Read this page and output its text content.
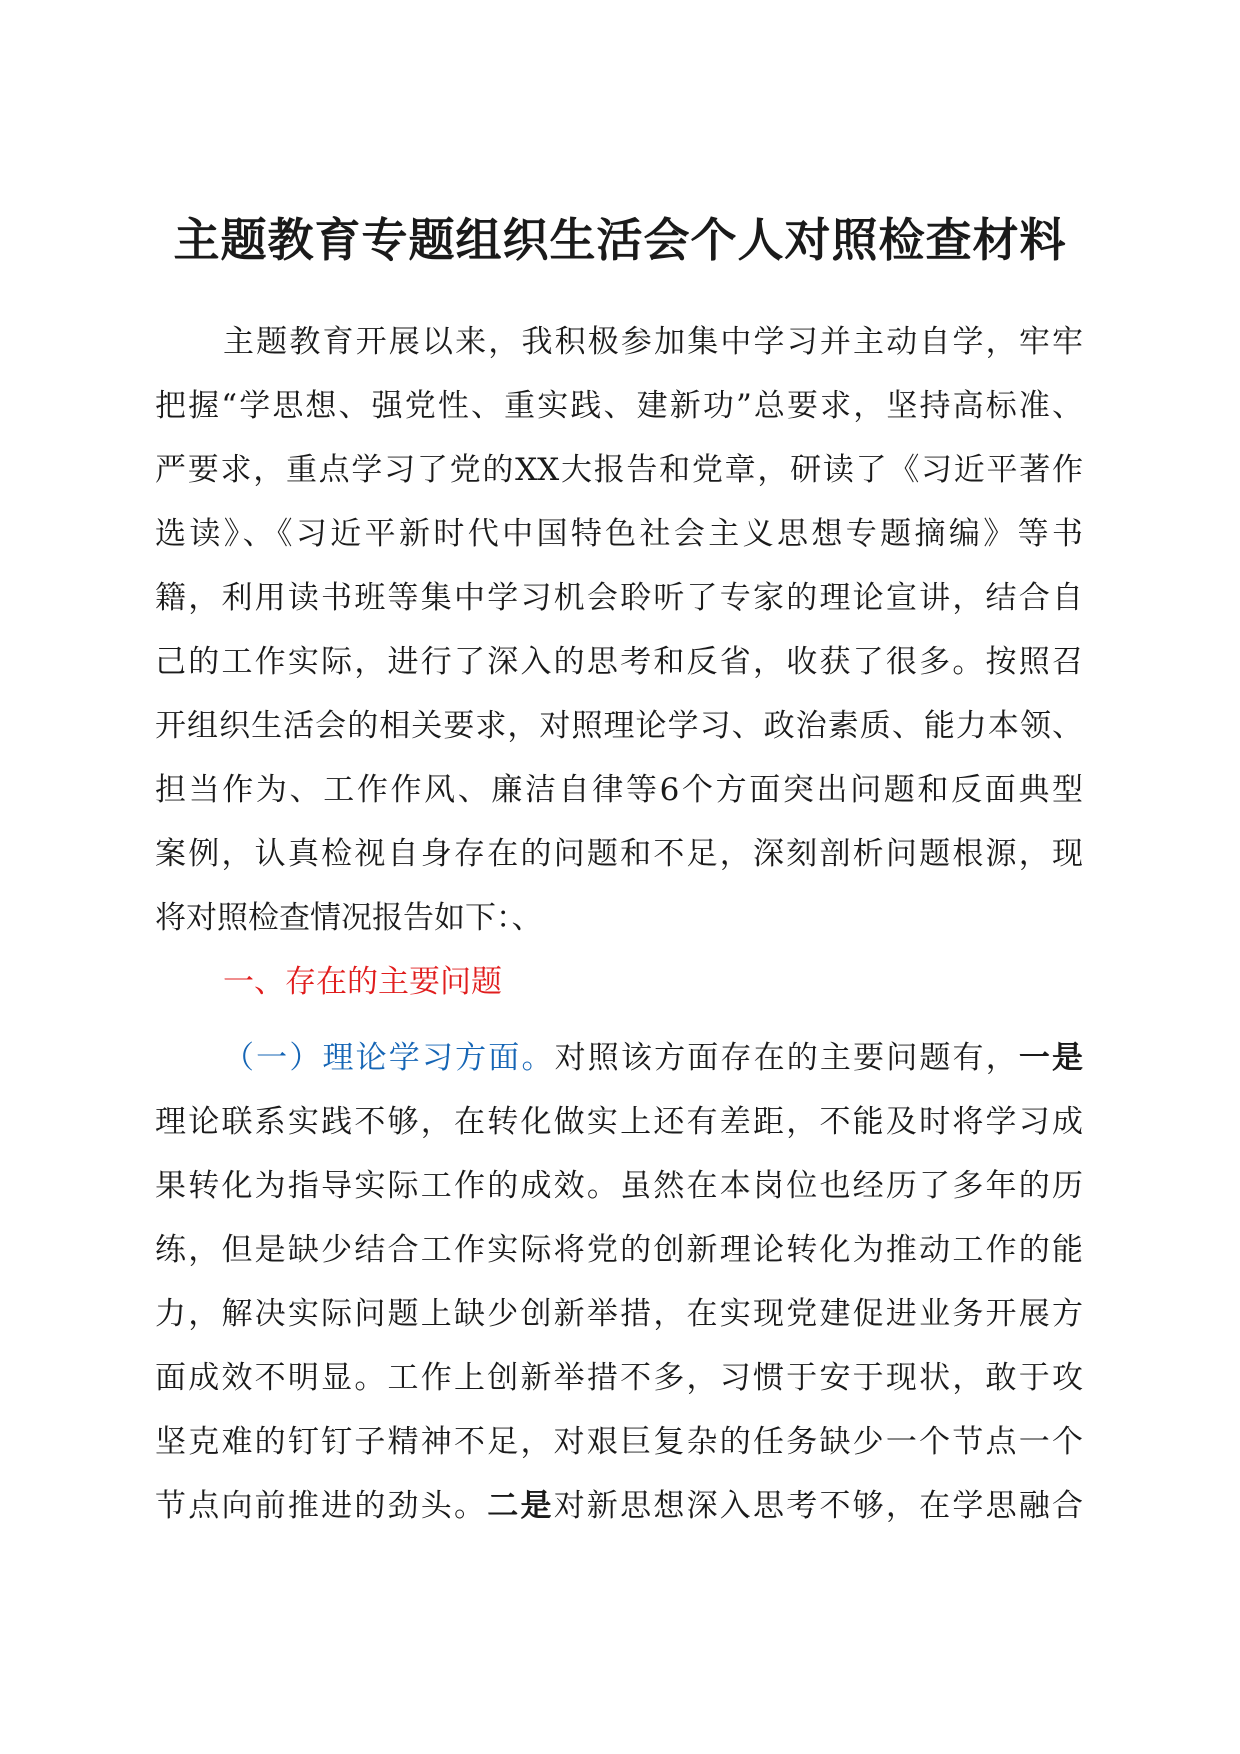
主题教育专题组织生活会个人对照检查材料
主题教育开展以来，我积极参加集中学习并主动自学，牢牢
把握“学思想、强党性、重实践、建新功”总要求，坚持高标准、
严要求，重点学习了党的XX大报告和党章，研读了《习近平著作
选读》、《习近平新时代中国特色社会主义思想专题摘编》等书
籍，利用读书班等集中学习机会聆听了专家的理论宣讲，结合自
己的工作实际，进行了深入的思考和反省，收获了很多。按照召
开组织生活会的相关要求，对照理论学习、政治素质、能力本领、
担当作为、工作作风、廉洁自律等6个方面突出问题和反面典型
案例，认真检视自身存在的问题和不足，深刻剖析问题根源，现
将对照检查情况报告如下：、
一、存在的主要问题
（一）理论学习方面。对照该方面存在的主要问题有，一是
理论联系实践不够，在转化做实上还有差距，不能及时将学习成
果转化为指导实际工作的成效。虽然在本岗位也经历了多年的历
练，但是缺少结合工作实际将党的创新理论转化为推动工作的能
力，解决实际问题上缺少创新举措，在实现党建促进业务开展方
面成效不明显。工作上创新举措不多，习惯于安于现状，敢于攻
坚克难的钉钉子精神不足，对艰巨复杂的任务缺少一个节点一个
节点向前推进的劲头。二是对新思想深入思考不够，在学思融合
